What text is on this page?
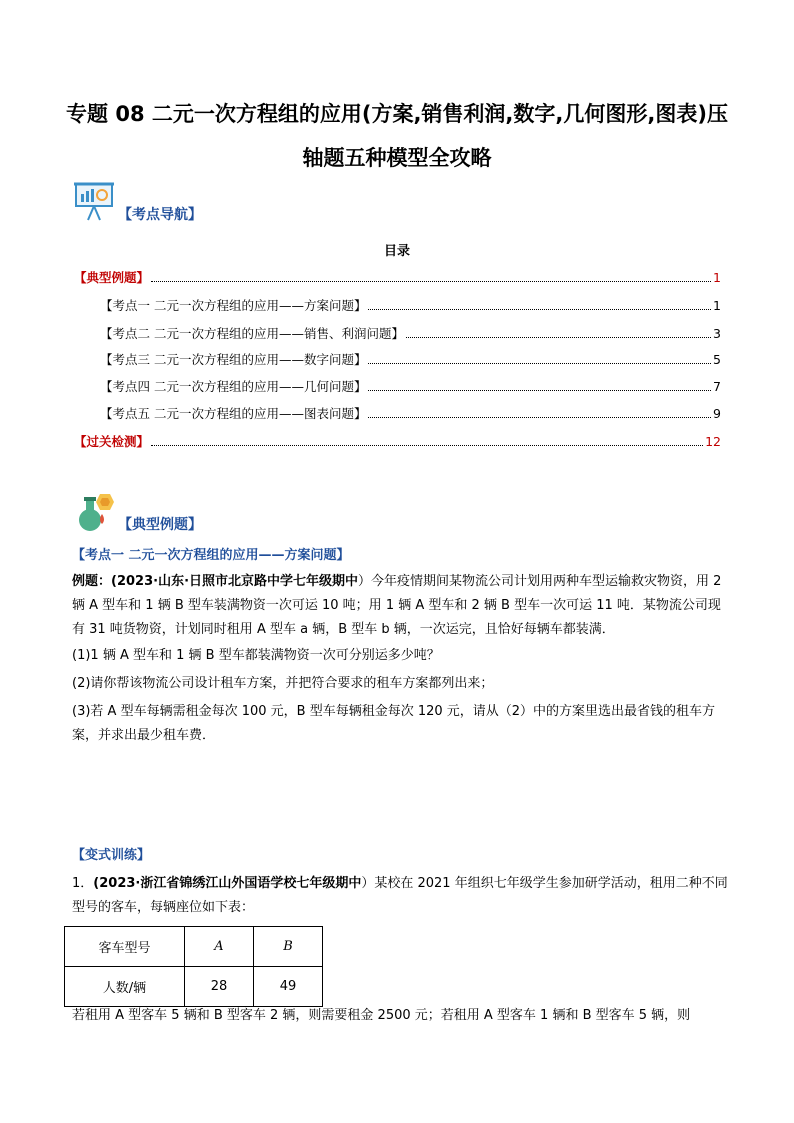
专题 08 二元一次方程组的应用(方案,销售利润,数字,几何图形,图表)压
轴题五种模型全攻略
【考点导航】
目录
【典型例题】	1
【考点一 二元一次方程组的应用——方案问题】	1
【考点二 二元一次方程组的应用——销售、利润问题】	3
【考点三 二元一次方程组的应用——数字问题】	5
【考点四 二元一次方程组的应用——几何问题】	7
【考点五 二元一次方程组的应用——图表问题】	9
【过关检测】	12
【典型例题】
【考点一 二元一次方程组的应用——方案问题】
例题：(2023·山东·日照市北京路中学七年级期中）今年疫情期间某物流公司计划用两种车型运输救灾物资，用 2 辆 A 型车和 1 辆 B 型车装满物资一次可运 10 吨；用 1 辆 A 型车和 2 辆 B 型车一次可运 11 吨．某物流公司现有 31 吨货物资，计划同时租用 A 型车 a 辆，B 型车 b 辆，一次运完，且恰好每辆车都装满．
(1)1 辆 A 型车和 1 辆 B 型车都装满物资一次可分别运多少吨？
(2)请你帮该物流公司设计租车方案，并把符合要求的租车方案都列出来；
(3)若 A 型车每辆需租金每次 100 元，B 型车每辆租金每次 120 元，请从（2）中的方案里选出最省钱的租车方案，并求出最少租车费．
【变式训练】
1．(2023·浙江省锦绣江山外国语学校七年级期中）某校在 2021 年组织七年级学生参加研学活动，租用二种不同型号的客车，每辆座位如下表：
客车型号	A	B
人数/辆	28	49
若租用 A 型客车 5 辆和 B 型客车 2 辆，则需要租金 2500 元；若租用 A 型客车 1 辆和 B 型客车 5 辆，则
